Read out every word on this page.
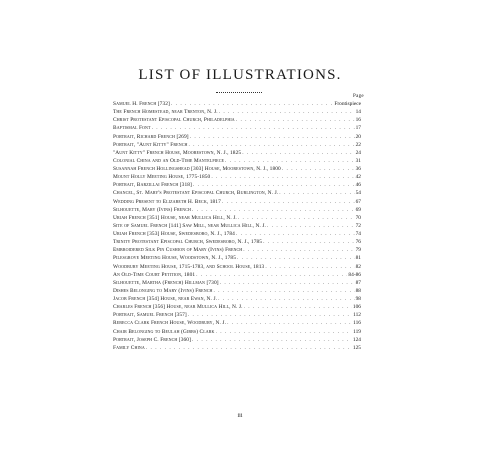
LIST OF ILLUSTRATIONS.
Page
Samuel H. French [732] . . .	Frontispiece
The French Homestead, near Trenton, N. J. . . .	14
Christ Protestant Episcopal Church, Philadelphia . . .	16
Baptismal Font . . .	17
Portrait, Richard French [269] . . .	20
Portrait, "Aunt Kitty" French . . .	22
"Aunt Kitty" French House, Moorestown, N. J., 1825 . . .	24
Colonial China and an Old-Time Mantelpiece . . .	31
Susannah French Hollingshead [303] House, Moorestown, N. J., 1800 . . .	36
Mount Holly Meeting House, 1775-1850 . . .	42
Portrait, Barzillai French [318] . . .	46
Chancel, St. Mary's Protestant Episcopal Church, Burlington, N. J. . . .	54
Wedding Present to Elizabeth H. Beck, 1817 . . .	67
Silhouette, Mary (Ivins) French . . .	69
Uriah French [351] House, near Mullica Hill, N. J. . . .	70
Site of Samuel French [141] Saw Mill, near Mullica Hill, N. J. . . .	72
Uriah French [353] House, Swedesboro, N. J., 1784 . . .	74
Trinity Protestant Episcopal Church, Swedesboro, N. J., 1785 . . .	76
Embroidered Silk Pin Cushion of Mary (Ivins) French . . .	79
Pilesgrove Meeting House, Woodstown, N. J., 1785 . . .	81
Woodbury Meeting House, 1715-1783, and School House, 1813 . . .	82
An Old-Time Court Petition, 1801 . . .	84-86
Silhouette, Martha (French) Hillman [730] . . .	87
Dishes Belonging to Mary (Ivins) French . . .	88
Jacob French [354] House, near Ewan, N. J. . . .	98
Charles French [356] House, near Mullica Hill, N. J. . . .	106
Portrait, Samuel French [357] . . .	112
Rebecca Clark French House, Woodbury, N. J. . . .	116
Chair Belonging to Beulah (Gibbs) Clark . . .	119
Portrait, Joseph C. French [360] . . .	124
Family China . . .	125
iii
